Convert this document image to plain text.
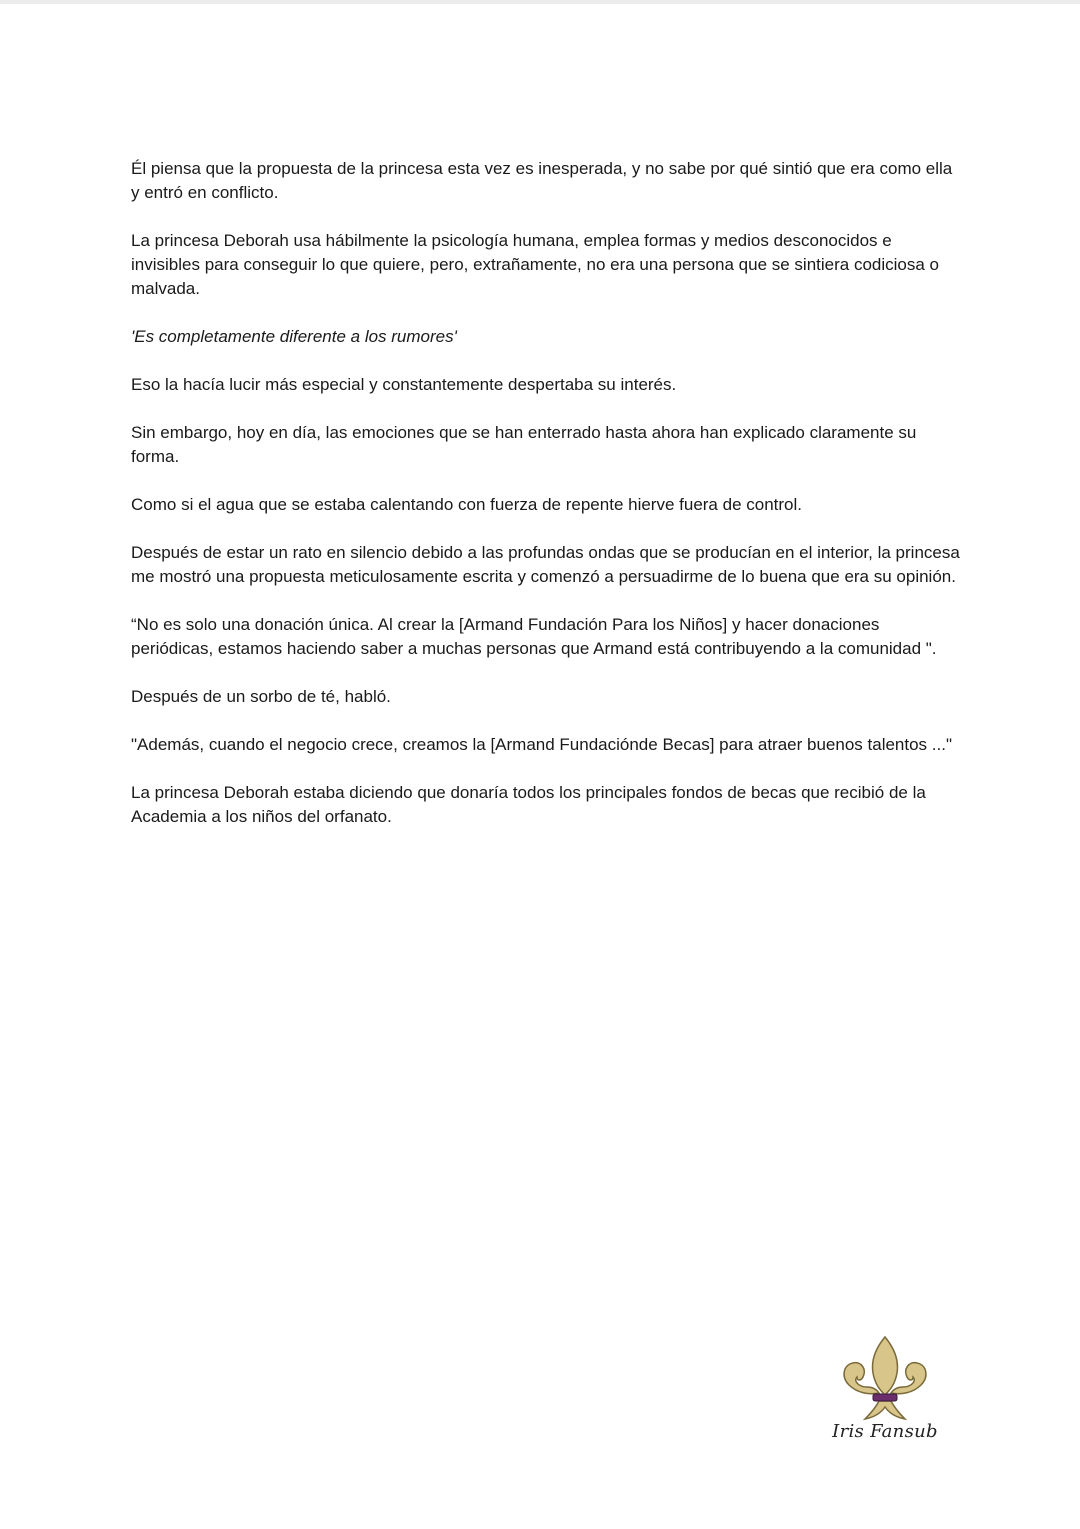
Él piensa que la propuesta de la princesa esta vez es inesperada, y no sabe por qué sintió que era como ella y entró en conflicto.

La princesa Deborah usa hábilmente la psicología humana, emplea formas y medios desconocidos e invisibles para conseguir lo que quiere, pero, extrañamente, no era una persona que se sintiera codiciosa o malvada.

'Es completamente diferente a los rumores'

Eso la hacía lucir más especial y constantemente despertaba su interés.

Sin embargo, hoy en día, las emociones que se han enterrado hasta ahora han explicado claramente su forma.

Como si el agua que se estaba calentando con fuerza de repente hierve fuera de control.

Después de estar un rato en silencio debido a las profundas ondas que se producían en el interior, la princesa me mostró una propuesta meticulosamente escrita y comenzó a persuadirme de lo buena que era su opinión.

“No es solo una donación única. Al crear la [Armand Fundación Para los Niños] y hacer donaciones periódicas, estamos haciendo saber a muchas personas que Armand está contribuyendo a la comunidad ".

Después de un sorbo de té, habló.

"Además, cuando el negocio crece, creamos la [Armand Fundaciónde Becas] para atraer buenos talentos ..."

La princesa Deborah estaba diciendo que donaría todos los principales fondos de becas que recibió de la Academia a los niños del orfanato.

Iris Fansub
